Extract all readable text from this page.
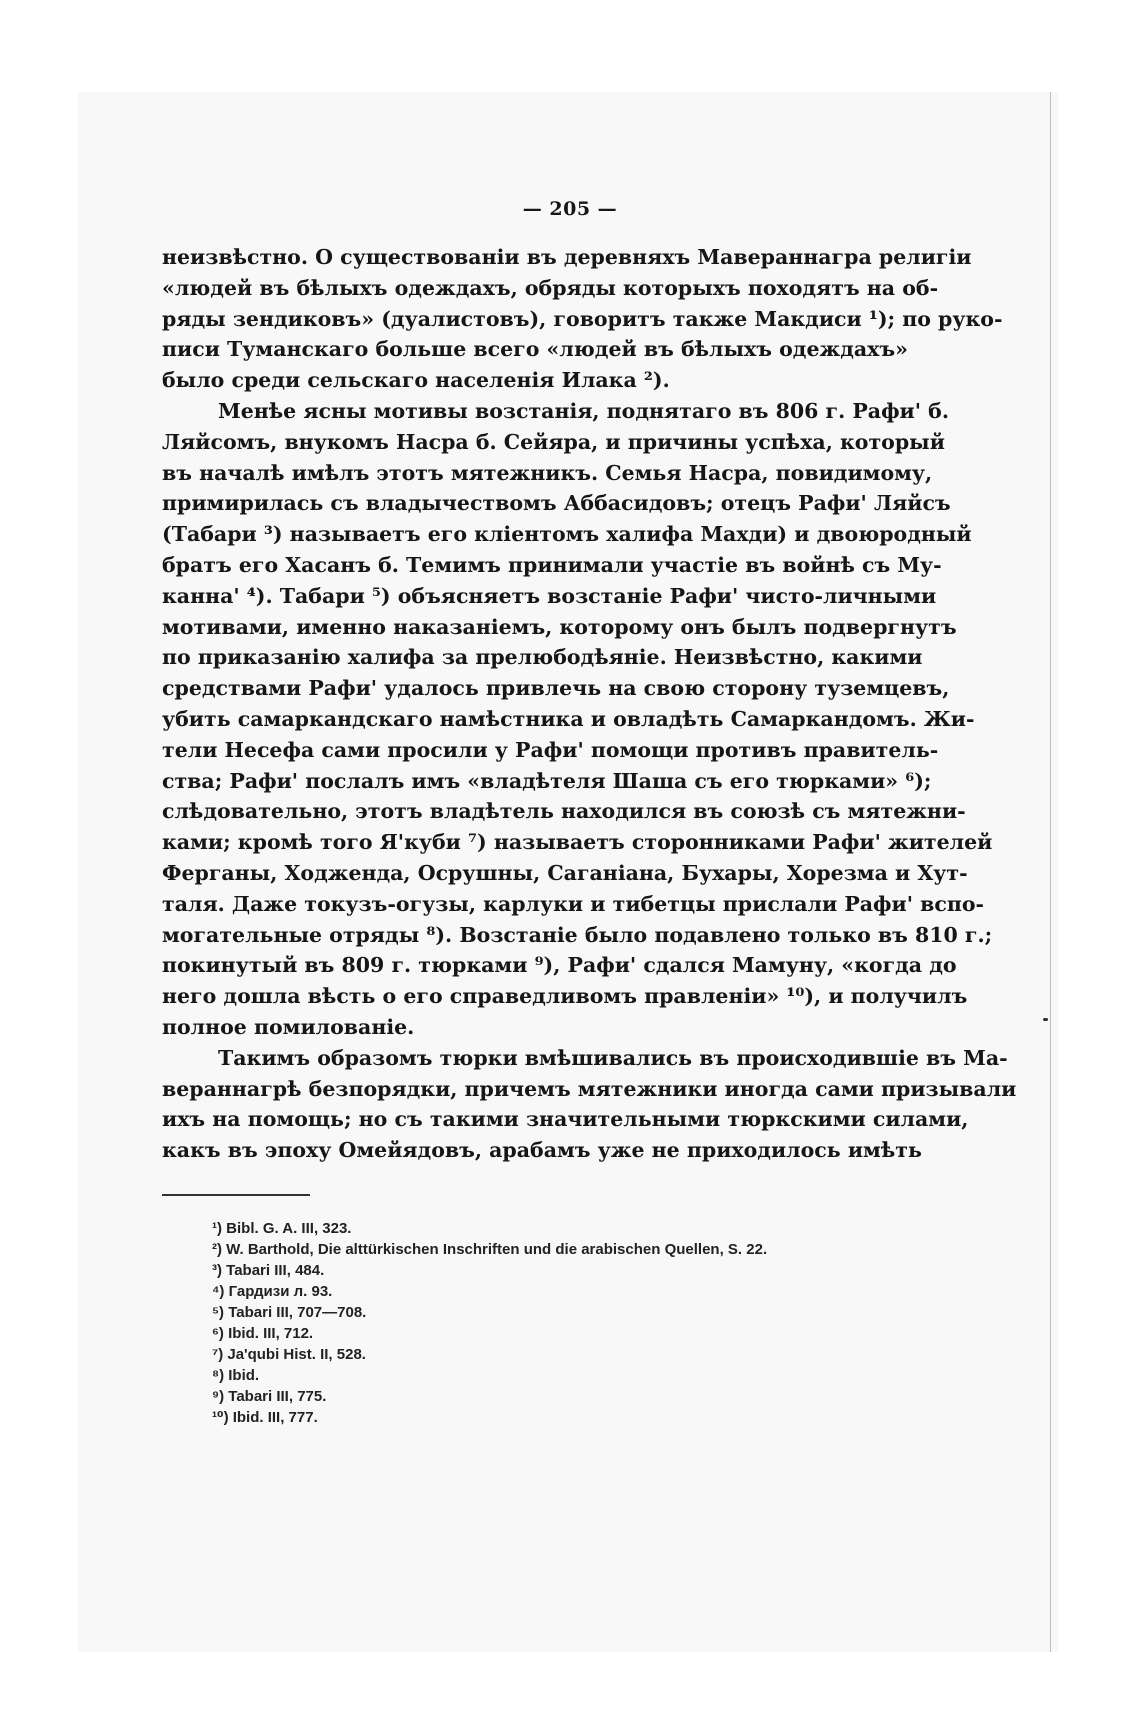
— 205 —
неизвѣстно. О существованіи въ деревняхъ Мавераннагра религіи
«людей въ бѣлыхъ одеждахъ, обряды которыхъ походятъ на об-
ряды зендиковъ» (дуалистовъ), говоритъ также Макдиси ¹); по руко-
писи Туманскаго больше всего «людей въ бѣлыхъ одеждахъ»
было среди сельскаго населенія Илака ²).
Менѣе ясны мотивы возстанія, поднятаго въ 806 г. Рафи' б.
Ляйсомъ, внукомъ Насра б. Сейяра, и причины успѣха, который
въ началѣ имѣлъ этотъ мятежникъ. Семья Насра, повидимому,
примирилась съ владычествомъ Аббасидовъ; отецъ Рафи' Ляйсъ
(Табари ³) называетъ его кліентомъ халифа Махди) и двоюродный
братъ его Хасанъ б. Темимъ принимали участіе въ войнѣ съ Му-
канна' ⁴). Табари ⁵) объясняетъ возстаніе Рафи' чисто-личными
мотивами, именно наказаніемъ, которому онъ былъ подвергнутъ
по приказанію халифа за прелюбодѣяніе. Неизвѣстно, какими
средствами Рафи' удалось привлечь на свою сторону туземцевъ,
убить самаркандскаго намѣстника и овладѣть Самаркандомъ. Жи-
тели Несефа сами просили у Рафи' помощи противъ правитель-
ства; Рафи' послалъ имъ «владѣтеля Шаша съ его тюрками» ⁶);
слѣдовательно, этотъ владѣтель находился въ союзѣ съ мятежни-
ками; кромѣ того Я'куби ⁷) называетъ сторонниками Рафи' жителей
Ферганы, Ходженда, Осрушны, Саганіана, Бухары, Хорезма и Хут-
таля. Даже токузъ-огузы, карлуки и тибетцы прислали Рафи' вспо-
могательные отряды ⁸). Возстаніе было подавлено только въ 810 г.;
покинутый въ 809 г. тюрками ⁹), Рафи' сдался Мамуну, «когда до
него дошла вѣсть о его справедливомъ правленіи» ¹⁰), и получилъ
полное помилованіе.
Такимъ образомъ тюрки вмѣшивались въ происходившіе въ Ма-
вераннагрѣ безпорядки, причемъ мятежники иногда сами призывали
ихъ на помощь; но съ такими значительными тюркскими силами,
какъ въ эпоху Омейядовъ, арабамъ уже не приходилось имѣть
¹) Bibl. G. A. III, 323.
²) W. Barthold, Die alttürkischen Inschriften und die arabischen Quellen, S. 22.
³) Tabari III, 484.
⁴) Гардизи л. 93.
⁵) Tabari III, 707—708.
⁶) Ibid. III, 712.
⁷) Ja'qubi Hist. II, 528.
⁸) Ibid.
⁹) Tabari III, 775.
¹⁰) Ibid. III, 777.
